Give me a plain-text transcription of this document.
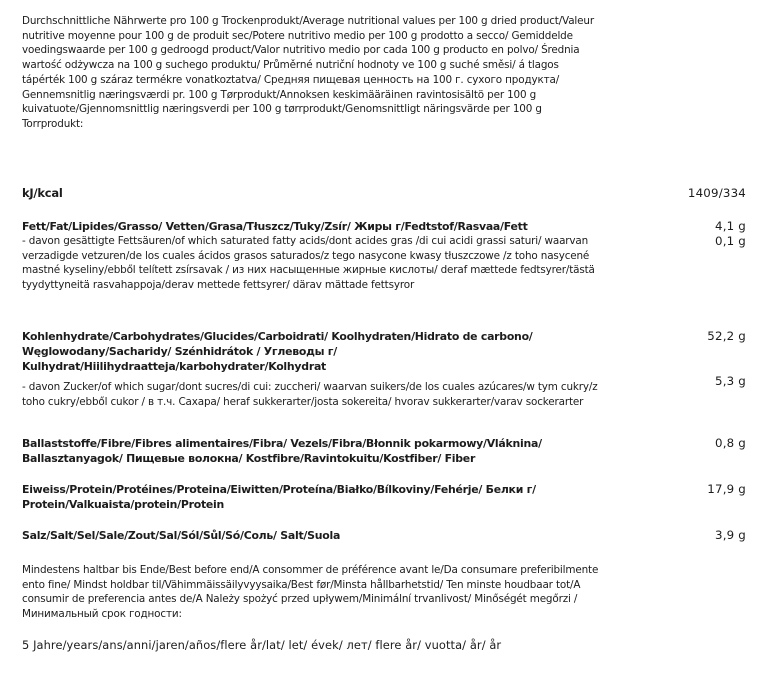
Durchschnittliche Nährwerte pro 100 g Trockenprodukt/Average nutritional values per 100 g dried product/Valeur nutritive moyenne pour 100 g de produit sec/Potere nutritivo medio per 100 g prodotto a secco/ Gemiddelde voedingswaarde per 100 g gedroogd product/Valor nutritivo medio por cada 100 g producto en polvo/ Średnia wartość odżywcza na 100 g suchego produktu/ Průměrné nutriční hodnoty ve 100 g suché směsi/ á tlagos tápérték 100 g száraz termékre vonatkoztatva/ Средняя пищевая ценность на 100 г. сухого продукта/ Gennemsnitlig næringsværdi pr. 100 g Tørprodukt/Annoksen keskimääräinen ravintosisältö per 100 g kuivatuote/Gjennomsnittlig næringsverdi per 100 g tørrprodukt/Genomsnittligt näringsvärde per 100 g Torrprodukt:

kJ/kcal	1409/334

Fett/Fat/Lipides/Grasso/ Vetten/Grasa/Tłuszcz/Tuky/Zsír/ Жиры г/Fedtstof/Rasvaa/Fett

- davon gesättigte Fettsäuren/of which saturated fatty acids/dont acides gras /di cui acidi grassi saturi/ waarvan verzadigde vetzuren/de los cuales ácidos grasos saturados/z tego nasycone kwasy tłuszczowe /z toho nasycené mastné kyseliny/ebből telített zsírsavak / из них насыщенные жирные кислоты/ deraf mættede fedtsyrer/tästä tyydyttyneitä rasvahappoja/derav mettede fettsyrer/ därav mättade fettsyror

4,1 g
0,1 g

Kohlenhydrate/Carbohydrates/Glucides/Carboidrati/ Koolhydraten/Hidrato de carbono/ Węglowodany/Sacharidy/ Szénhidrátok / Углеводы г/ Kulhydrat/Hiilihydraatteja/karbohydrater/Kolhydrat

- davon Zucker/of which sugar/dont sucres/di cui: zuccheri/ waarvan suikers/de los cuales azúcares/w tym cukry/z toho cukry/ebből cukor / в т.ч. Сахара/ heraf sukkerarter/josta sokereita/ hvorav sukkerarter/varav sockerarter

52,2 g
5,3 g

Ballaststoffe/Fibre/Fibres alimentaires/Fibra/ Vezels/Fibra/Błonnik pokarmowy/Vláknina/ Ballasztanyagok/ Пищевые волокна/ Kostfibre/Ravintokuitu/Kostfiber/ Fiber

0,8 g

Eiweiss/Protein/Protéines/Proteina/Eiwitten/Proteína/Białko/Bílkoviny/Fehérje/ Белки г/ Protein/Valkuaista/protein/Protein

17,9 g

Salz/Salt/Sel/Sale/Zout/Sal/Sól/Sůl/Só/Соль/ Salt/Suola	3,9 g

Mindestens haltbar bis Ende/Best before end/A consommer de préférence avant le/Da consumare preferibilmente ento fine/ Mindst holdbar til/Vähimmäissäilyvyysaika/Best før/Minsta hållbarhetstid/ Ten minste houdbaar tot/A consumir de preferencia antes de/A Należy spożyć przed upływem/Minimální trvanlivost/ Minőségét megőrzi / Минимальный срок годности:

5 Jahre/years/ans/anni/jaren/años/flere år/lat/ let/ évek/ лет/ flere år/ vuotta/ år/ år
